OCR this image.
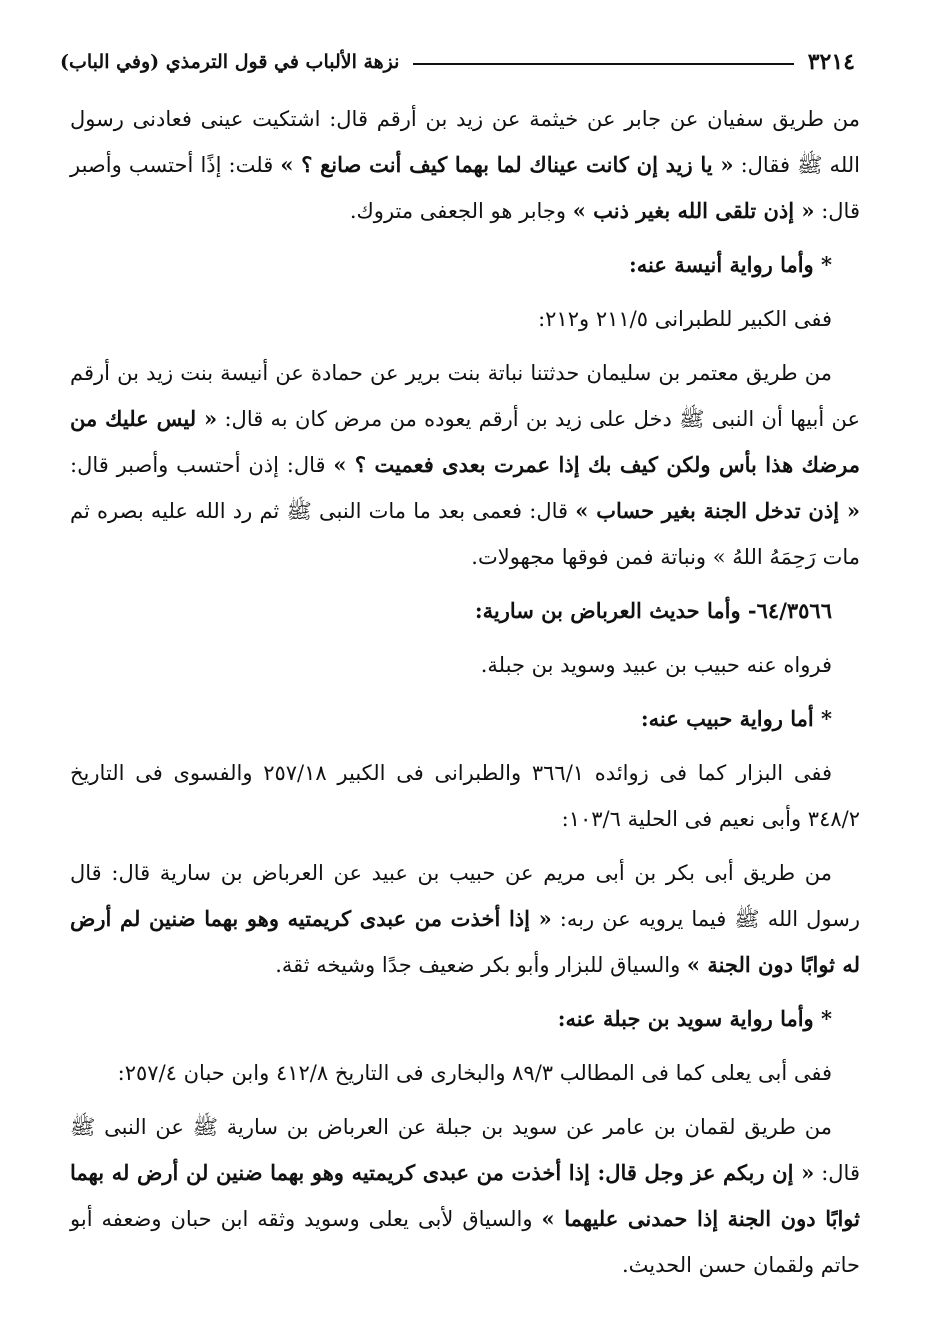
٣٢١٤
نزهة الألباب في قول الترمذي (وفي الباب)
من طريق سفيان عن جابر عن خيثمة عن زيد بن أرقم قال: اشتكيت عينى فعادنى رسول الله ﷺ فقال: « يا زيد إن كانت عيناك لما بهما كيف أنت صانع ؟ » قلت: إذًا أحتسب وأصبر قال: « إذن تلقى الله بغير ذنب » وجابر هو الجعفى متروك.
* وأما رواية أنيسة عنه:
ففى الكبير للطبرانى ٢١١/٥ و٢١٢:
من طريق معتمر بن سليمان حدثتنا نباتة بنت برير عن حمادة عن أنيسة بنت زيد بن أرقم عن أبيها أن النبى ﷺ دخل على زيد بن أرقم يعوده من مرض كان به قال: « ليس عليك من مرضك هذا بأس ولكن كيف بك إذا عمرت بعدى فعميت ؟ » قال: إذن أحتسب وأصبر قال: « إذن تدخل الجنة بغير حساب » قال: فعمى بعد ما مات النبى ﷺ ثم رد الله عليه بصره ثم مات رَحِمَهُ اللهُ » ونباتة فمن فوقها مجهولات.
٦٤/٣٥٦٦- وأما حديث العرباض بن سارية:
فرواه عنه حبيب بن عبيد وسويد بن جبلة.
* أما رواية حبيب عنه:
ففى البزار كما فى زوائده ٣٦٦/١ والطبرانى فى الكبير ٢٥٧/١٨ والفسوى فى التاريخ ٣٤٨/٢ وأبى نعيم فى الحلية ١٠٣/٦:
من طريق أبى بكر بن أبى مريم عن حبيب بن عبيد عن العرباض بن سارية قال: قال رسول الله ﷺ فيما يرويه عن ربه: « إذا أخذت من عبدى كريمتيه وهو بهما ضنين لم أرض له ثوابًا دون الجنة » والسياق للبزار وأبو بكر ضعيف جدًا وشيخه ثقة.
* وأما رواية سويد بن جبلة عنه:
ففى أبى يعلى كما فى المطالب ٨٩/٣ والبخارى فى التاريخ ٤١٢/٨ وابن حبان ٢٥٧/٤:
من طريق لقمان بن عامر عن سويد بن جبلة عن العرباض بن سارية ﷺ عن النبى ﷺ قال: « إن ربكم عز وجل قال: إذا أخذت من عبدى كريمتيه وهو بهما ضنين لن أرض له بهما ثوابًا دون الجنة إذا حمدنى عليهما » والسياق لأبى يعلى وسويد وثقه ابن حبان وضعفه أبو حاتم ولقمان حسن الحديث.
